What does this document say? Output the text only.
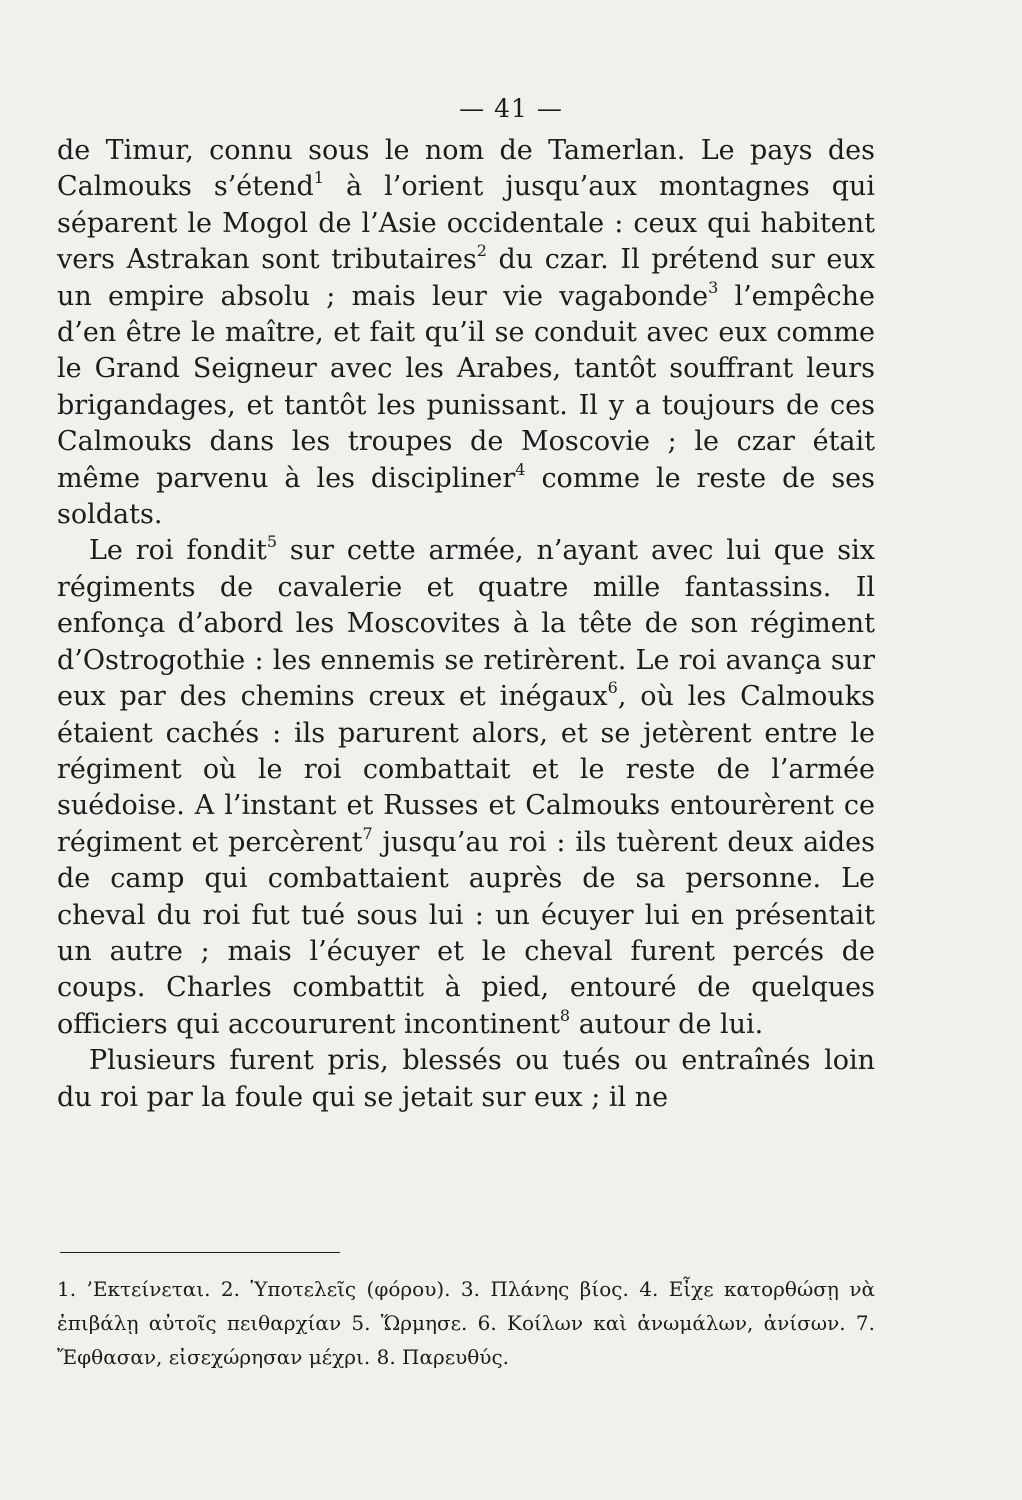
— 41 —

de Timur, connu sous le nom de Tamerlan. Le pays des Calmouks s’étend$^1$ à l’orient jusqu’aux montagnes qui séparent le Mogol de l’Asie occidentale : ceux qui habitent vers Astrakan sont tributaires$^2$ du czar. Il prétend sur eux un empire absolu ; mais leur vie vagabonde$^3$ l’empêche d’en être le maître, et fait qu’il se conduit avec eux comme le Grand Seigneur avec les Arabes, tantôt souffrant leurs brigandages, et tantôt les punissant. Il y a toujours de ces Calmouks dans les troupes de Moscovie ; le czar était même parvenu à les discipliner$^4$ comme le reste de ses soldats.

Le roi fondit$^5$ sur cette armée, n’ayant avec lui que six régiments de cavalerie et quatre mille fantassins. Il enfonça d’abord les Moscovites à la tête de son régiment d’Ostrogothie : les ennemis se retirèrent. Le roi avança sur eux par des chemins creux et inégaux$^6$, où les Calmouks étaient cachés : ils parurent alors, et se jetèrent entre le régiment où le roi combattait et le reste de l’armée suédoise. A l’instant et Russes et Calmouks entourèrent ce régiment et percèrent$^7$ jusqu’au roi : ils tuèrent deux aides de camp qui combattaient auprès de sa personne. Le cheval du roi fut tué sous lui : un écuyer lui en présentait un autre ; mais l’écuyer et le cheval furent percés de coups. Charles combattit à pied, entouré de quelques officiers qui accoururent incontinent$^8$ autour de lui.

Plusieurs furent pris, blessés ou tués ou entraînés loin du roi par la foule qui se jetait sur eux ; il ne

1. ’Εκτείνεται. 2. Ὑποτελεῖς (φόρου). 3. Πλάνης βίος. 4. Εἶχε κατορθώσῃ νὰ ἐπιβάλῃ αὐτοῖς πειθαρχίαν 5. Ὥρμησε. 6. Κοίλων καὶ ἀνωμάλων, ἀνίσων. 7. Ἔφθασαν, εἰσεχώρησαν μέχρι. 8. Παρευθύς.
